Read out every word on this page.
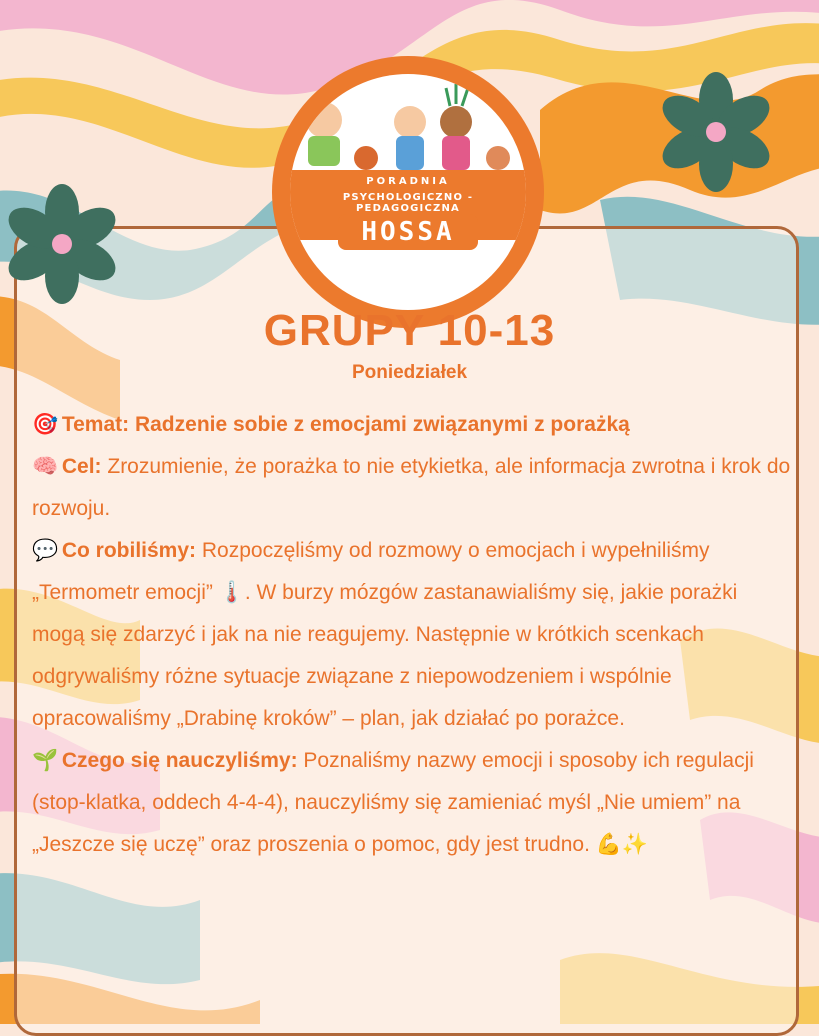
PORADNIA
PSYCHOLOGICZNO - PEDAGOGICZNA
HOSSA
GRUPY 10-13
Poniedziałek

🎯 Temat: Radzenie sobie z emocjami związanymi z porażką

🧠 Cel: Zrozumienie, że porażka to nie etykietka, ale informacja zwrotna i krok do rozwoju.

💬 Co robiliśmy: Rozpoczęliśmy od rozmowy o emocjach i wypełniliśmy „Termometr emocji” 🌡️. W burzy mózgów zastanawialiśmy się, jakie porażki mogą się zdarzyć i jak na nie reagujemy. Następnie w krótkich scenkach odgrywaliśmy różne sytuacje związane z niepowodzeniem i wspólnie opracowaliśmy „Drabinę kroków” – plan, jak działać po porażce.

🌱 Czego się nauczyliśmy: Poznaliśmy nazwy emocji i sposoby ich regulacji (stop-klatka, oddech 4-4-4), nauczyliśmy się zamieniać myśl „Nie umiem” na „Jeszcze się uczę” oraz proszenia o pomoc, gdy jest trudno. 💪✨
